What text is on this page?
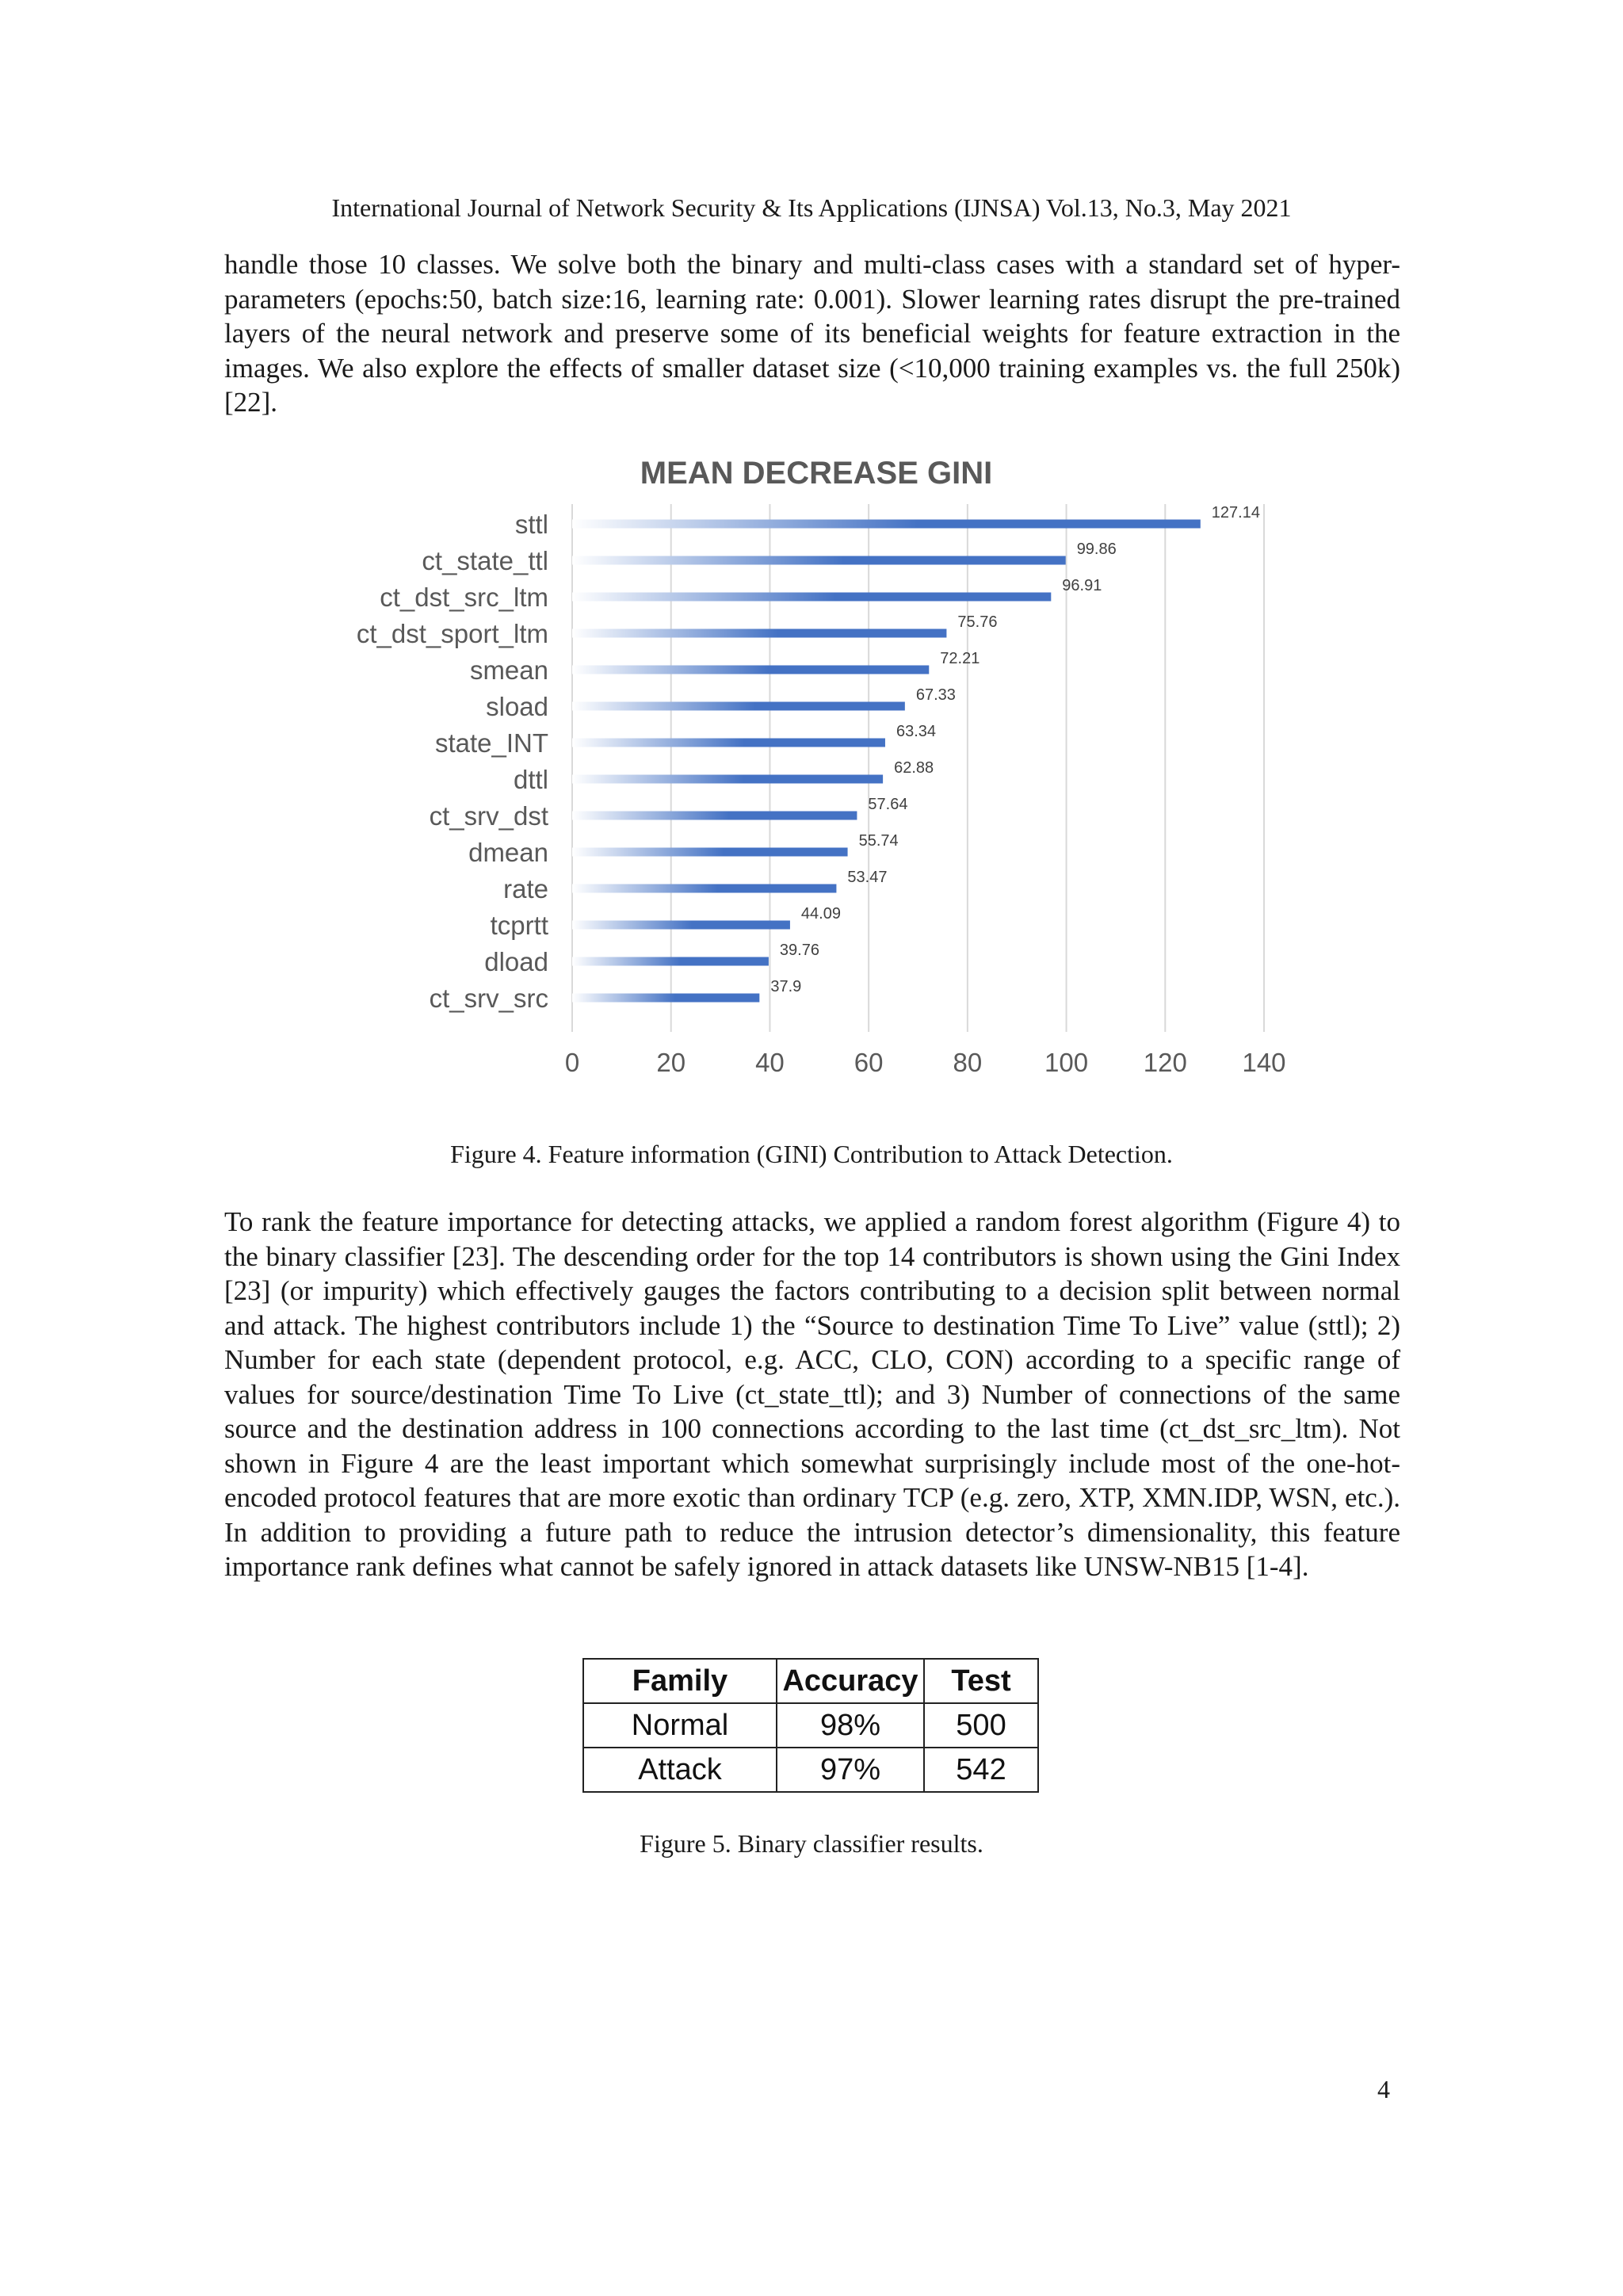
International Journal of Network Security & Its Applications (IJNSA) Vol.13, No.3, May 2021

handle those 10 classes. We solve both the binary and multi-class cases with a standard set of hyper-parameters (epochs:50, batch size:16, learning rate: 0.001). Slower learning rates disrupt the pre-trained layers of the neural network and preserve some of its beneficial weights for feature extraction in the images. We also explore the effects of smaller dataset size (<10,000 training examples vs. the full 250k) [22].

MEAN DECREASE GINI
0	20	40	60	80 100 120 140
sttl	127.14
ct_state_ttl	99.86
ct_dst_src_ltm	96.91
ct_dst_sport_ltm	75.76
smean	72.21
sload	67.33
state_INT	63.34
dttl	62.88
ct_srv_dst	57.64
dmean	55.74
rate	53.47
tcprtt	44.09
dload	39.76
ct_srv_src	37.9
Figure 4. Feature information (GINI) Contribution to Attack Detection.

To rank the feature importance for detecting attacks, we applied a random forest algorithm (Figure 4) to the binary classifier [23]. The descending order for the top 14 contributors is shown using the Gini Index [23] (or impurity) which effectively gauges the factors contributing to a decision split between normal and attack. The highest contributors include 1) the “Source to destination Time To Live” value (sttl); 2) Number for each state (dependent protocol, e.g. ACC, CLO, CON) according to a specific range of values for source/destination Time To Live (ct_state_ttl); and 3) Number of connections of the same source and the destination address in 100 connections according to the last time (ct_dst_src_ltm). Not shown in Figure 4 are the least important which somewhat surprisingly include most of the one-hot-encoded protocol features that are more exotic than ordinary TCP (e.g. zero, XTP, XMN.IDP, WSN, etc.). In addition to providing a future path to reduce the intrusion detector’s dimensionality, this feature importance rank defines what cannot be safely ignored in attack datasets like UNSW-NB15 [1-4].

Family	Accuracy	Test
Normal	98%	500
Attack	97%	542
Figure 5. Binary classifier results.
4
